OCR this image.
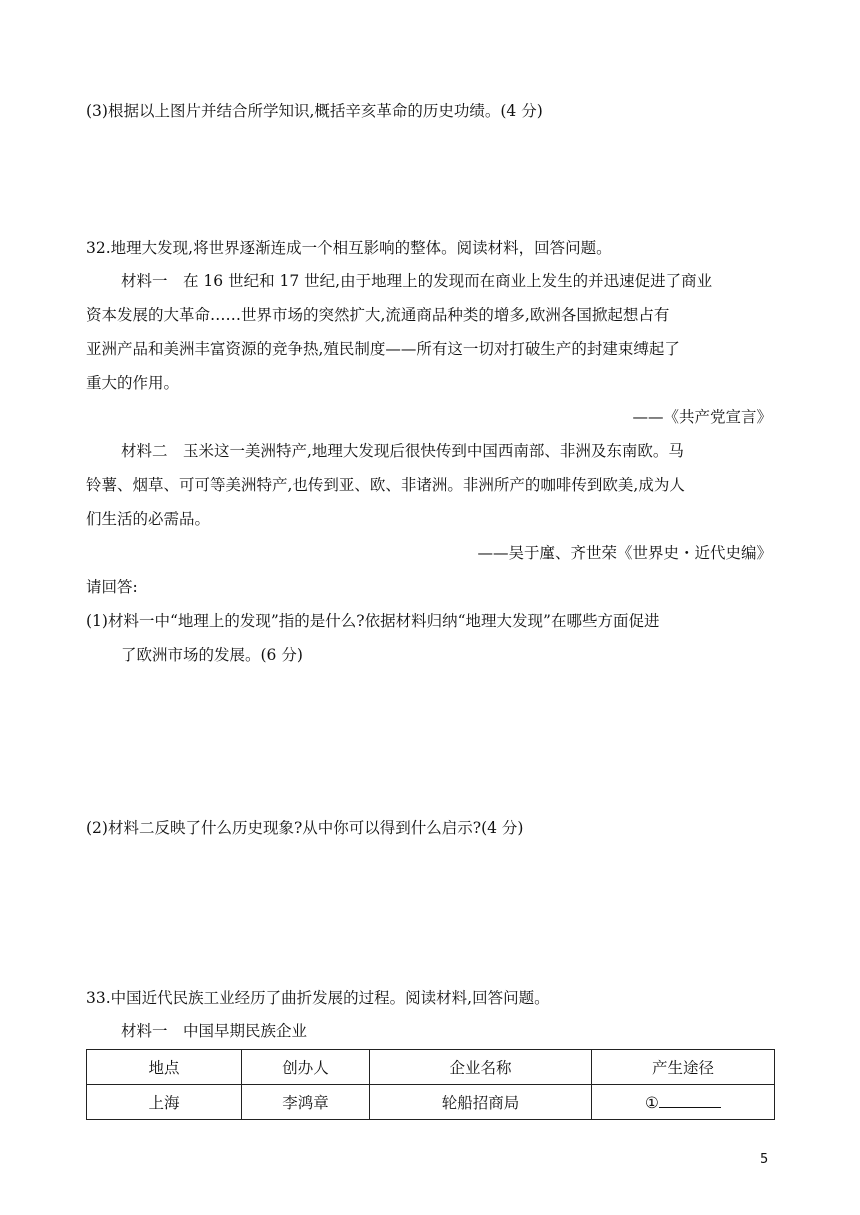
(3)根据以上图片并结合所学知识,概括辛亥革命的历史功绩。(4 分)
32.地理大发现,将世界逐渐连成一个相互影响的整体。阅读材料，回答问题。
材料一　在 16 世纪和 17 世纪,由于地理上的发现而在商业上发生的并迅速促进了商业
资本发展的大革命……世界市场的突然扩大,流通商品种类的增多,欧洲各国掀起想占有
亚洲产品和美洲丰富资源的竞争热,殖民制度——所有这一切对打破生产的封建束缚起了
重大的作用。
——《共产党宣言》
材料二　玉米这一美洲特产,地理大发现后很快传到中国西南部、非洲及东南欧。马
铃薯、烟草、可可等美洲特产,也传到亚、欧、非诸洲。非洲所产的咖啡传到欧美,成为人
们生活的必需品。
——吴于廑、齐世荣《世界史・近代史编》
请回答:
(1)材料一中“地理上的发现”指的是什么?依据材料归纳“地理大发现”在哪些方面促进
了欧洲市场的发展。(6 分)
(2)材料二反映了什么历史现象?从中你可以得到什么启示?(4 分)
33.中国近代民族工业经历了曲折发展的过程。阅读材料,回答问题。
材料一　中国早期民族企业
地点	创办人	企业名称	产生途径
上海	李鸿章	轮船招商局	①
5
